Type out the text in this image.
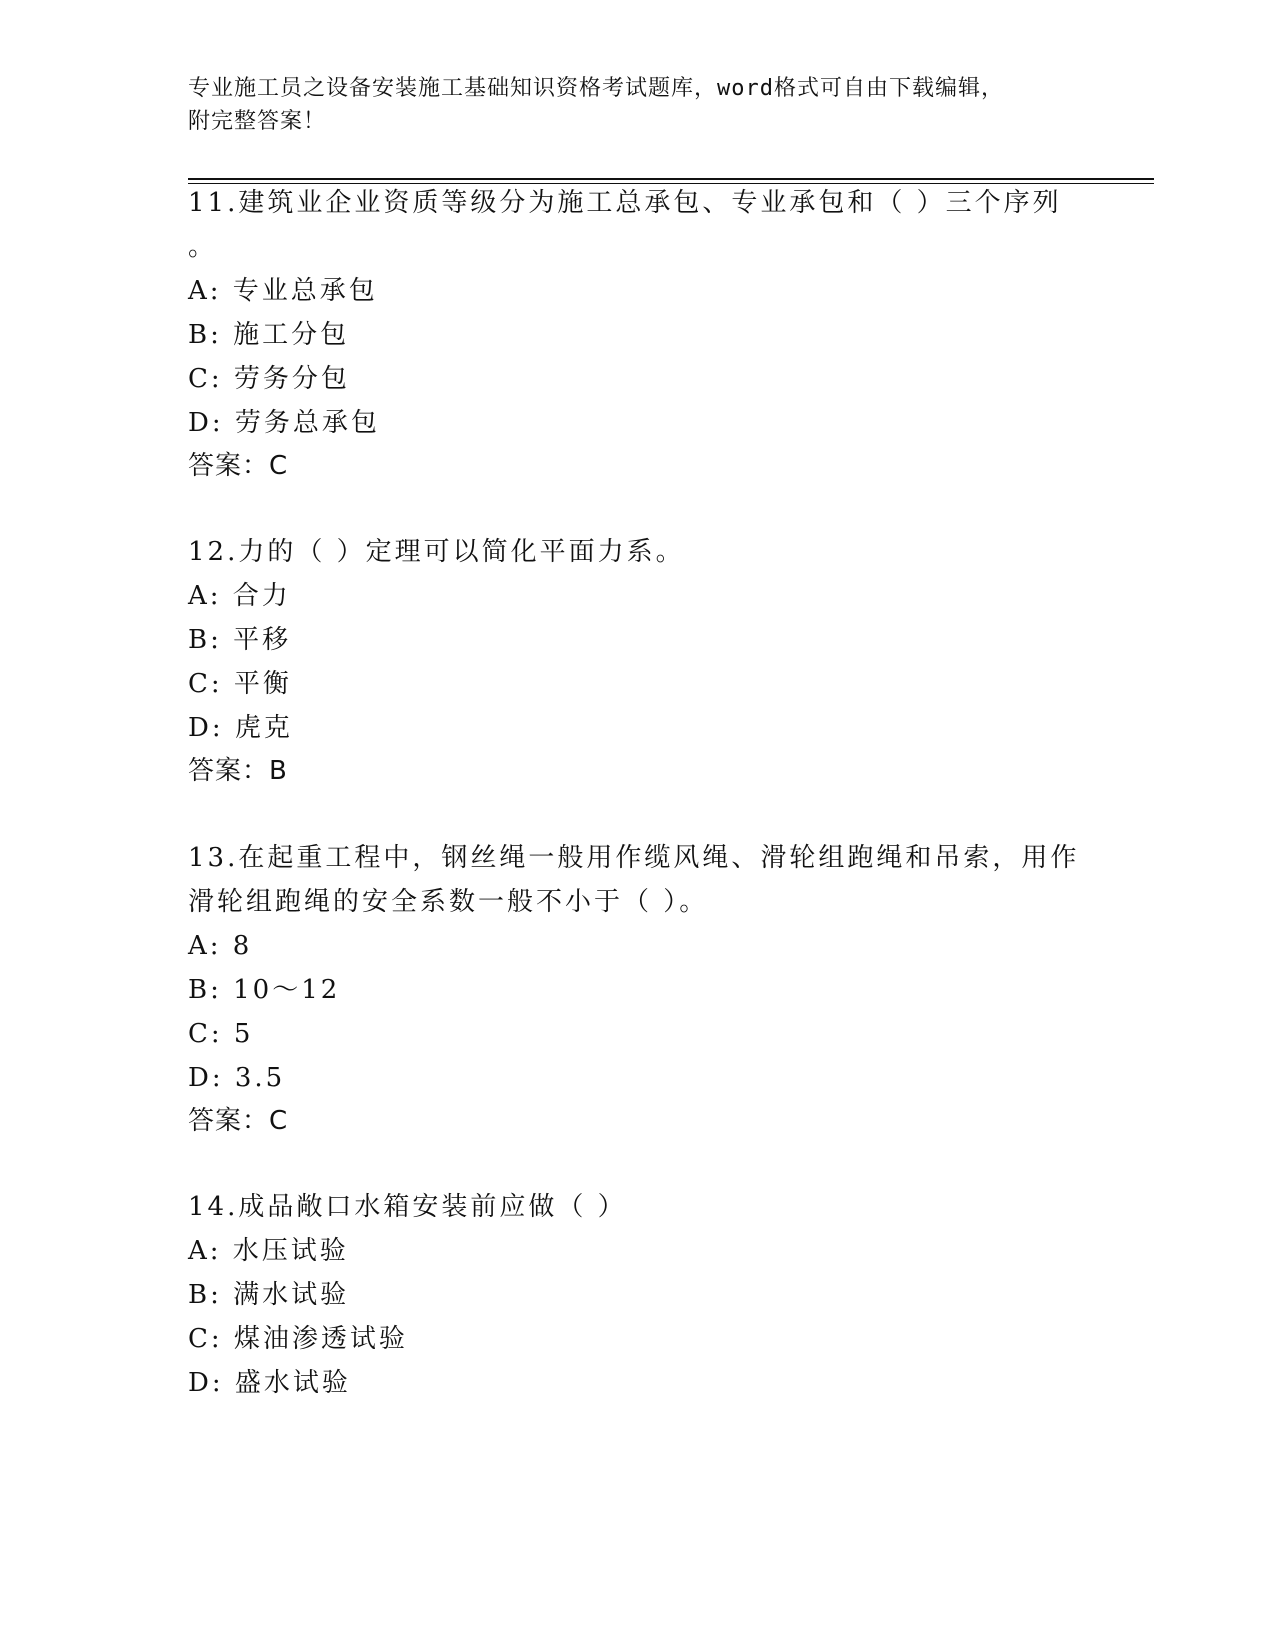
专业施工员之设备安装施工基础知识资格考试题库，word格式可自由下载编辑，
附完整答案！
11.建筑业企业资质等级分为施工总承包、专业承包和（ ）三个序列
。
A: 专业总承包
B: 施工分包
C: 劳务分包
D: 劳务总承包
答案：C
12.力的（ ）定理可以简化平面力系。
A: 合力
B: 平移
C: 平衡
D: 虎克
答案：B
13.在起重工程中，钢丝绳一般用作缆风绳、滑轮组跑绳和吊索，用作
滑轮组跑绳的安全系数一般不小于（ ）。
A: 8
B: 10～12
C: 5
D: 3.5
答案：C
14.成品敞口水箱安装前应做（ ）
A: 水压试验
B: 满水试验
C: 煤油渗透试验
D: 盛水试验
